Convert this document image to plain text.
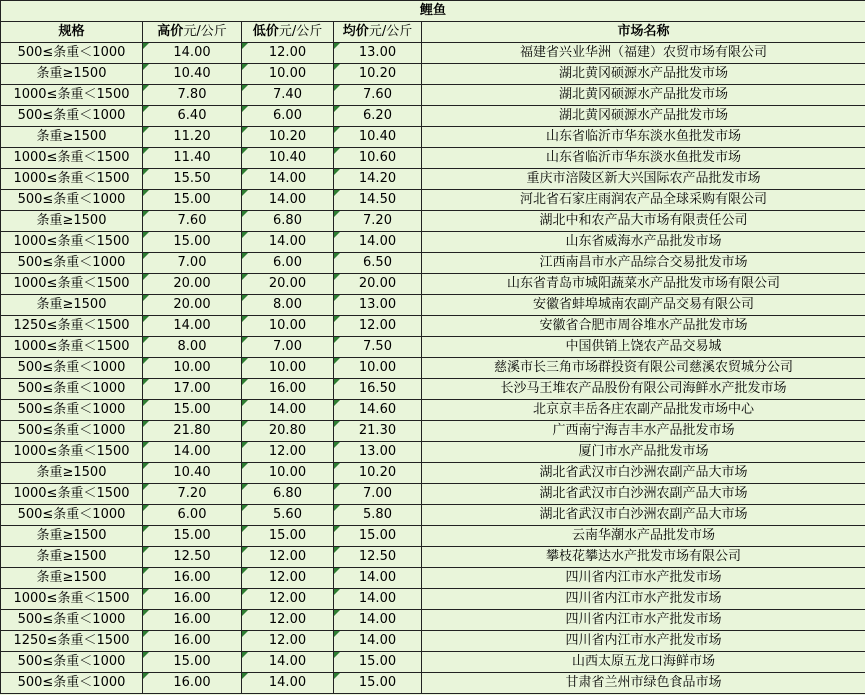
鲤鱼				
规格	高价元/公斤	低价元/公斤	均价元/公斤	市场名称
500≤条重＜1000	14.00	12.00	13.00	福建省兴业华洲（福建）农贸市场有限公司
条重≥1500	10.40	10.00	10.20	湖北黄冈硕源水产品批发市场
1000≤条重＜1500	7.80	7.40	7.60	湖北黄冈硕源水产品批发市场
500≤条重＜1000	6.40	6.00	6.20	湖北黄冈硕源水产品批发市场
条重≥1500	11.20	10.20	10.40	山东省临沂市华东淡水鱼批发市场
1000≤条重＜1500	11.40	10.40	10.60	山东省临沂市华东淡水鱼批发市场
1000≤条重＜1500	15.50	14.00	14.20	重庆市涪陵区新大兴国际农产品批发市场
500≤条重＜1000	15.00	14.00	14.50	河北省石家庄雨润农产品全球采购有限公司
条重≥1500	7.60	6.80	7.20	湖北中和农产品大市场有限责任公司
1000≤条重＜1500	15.00	14.00	14.00	山东省威海水产品批发市场
500≤条重＜1000	7.00	6.00	6.50	江西南昌市水产品综合交易批发市场
1000≤条重＜1500	20.00	20.00	20.00	山东省青岛市城阳蔬菜水产品批发市场有限公司
条重≥1500	20.00	8.00	13.00	安徽省蚌埠城南农副产品交易有限公司
1250≤条重＜1500	14.00	10.00	12.00	安徽省合肥市周谷堆水产品批发市场
1000≤条重＜1500	8.00	7.00	7.50	中国供销上饶农产品交易城
500≤条重＜1000	10.00	10.00	10.00	慈溪市长三角市场群投资有限公司慈溪农贸城分公司
500≤条重＜1000	17.00	16.00	16.50	长沙马王堆农产品股份有限公司海鲜水产批发市场
500≤条重＜1000	15.00	14.00	14.60	北京京丰岳各庄农副产品批发市场中心
500≤条重＜1000	21.80	20.80	21.30	广西南宁海吉丰水产品批发市场
1000≤条重＜1500	14.00	12.00	13.00	厦门市水产品批发市场
条重≥1500	10.40	10.00	10.20	湖北省武汉市白沙洲农副产品大市场
1000≤条重＜1500	7.20	6.80	7.00	湖北省武汉市白沙洲农副产品大市场
500≤条重＜1000	6.00	5.60	5.80	湖北省武汉市白沙洲农副产品大市场
条重≥1500	15.00	15.00	15.00	云南华潮水产品批发市场
条重≥1500	12.50	12.00	12.50	攀枝花攀达水产批发市场有限公司
条重≥1500	16.00	12.00	14.00	四川省内江市水产批发市场
1000≤条重＜1500	16.00	12.00	14.00	四川省内江市水产批发市场
500≤条重＜1000	16.00	12.00	14.00	四川省内江市水产批发市场
1250≤条重＜1500	16.00	12.00	14.00	四川省内江市水产批发市场
500≤条重＜1000	15.00	14.00	15.00	山西太原五龙口海鲜市场
500≤条重＜1000	16.00	14.00	15.00	甘肃省兰州市绿色食品市场
